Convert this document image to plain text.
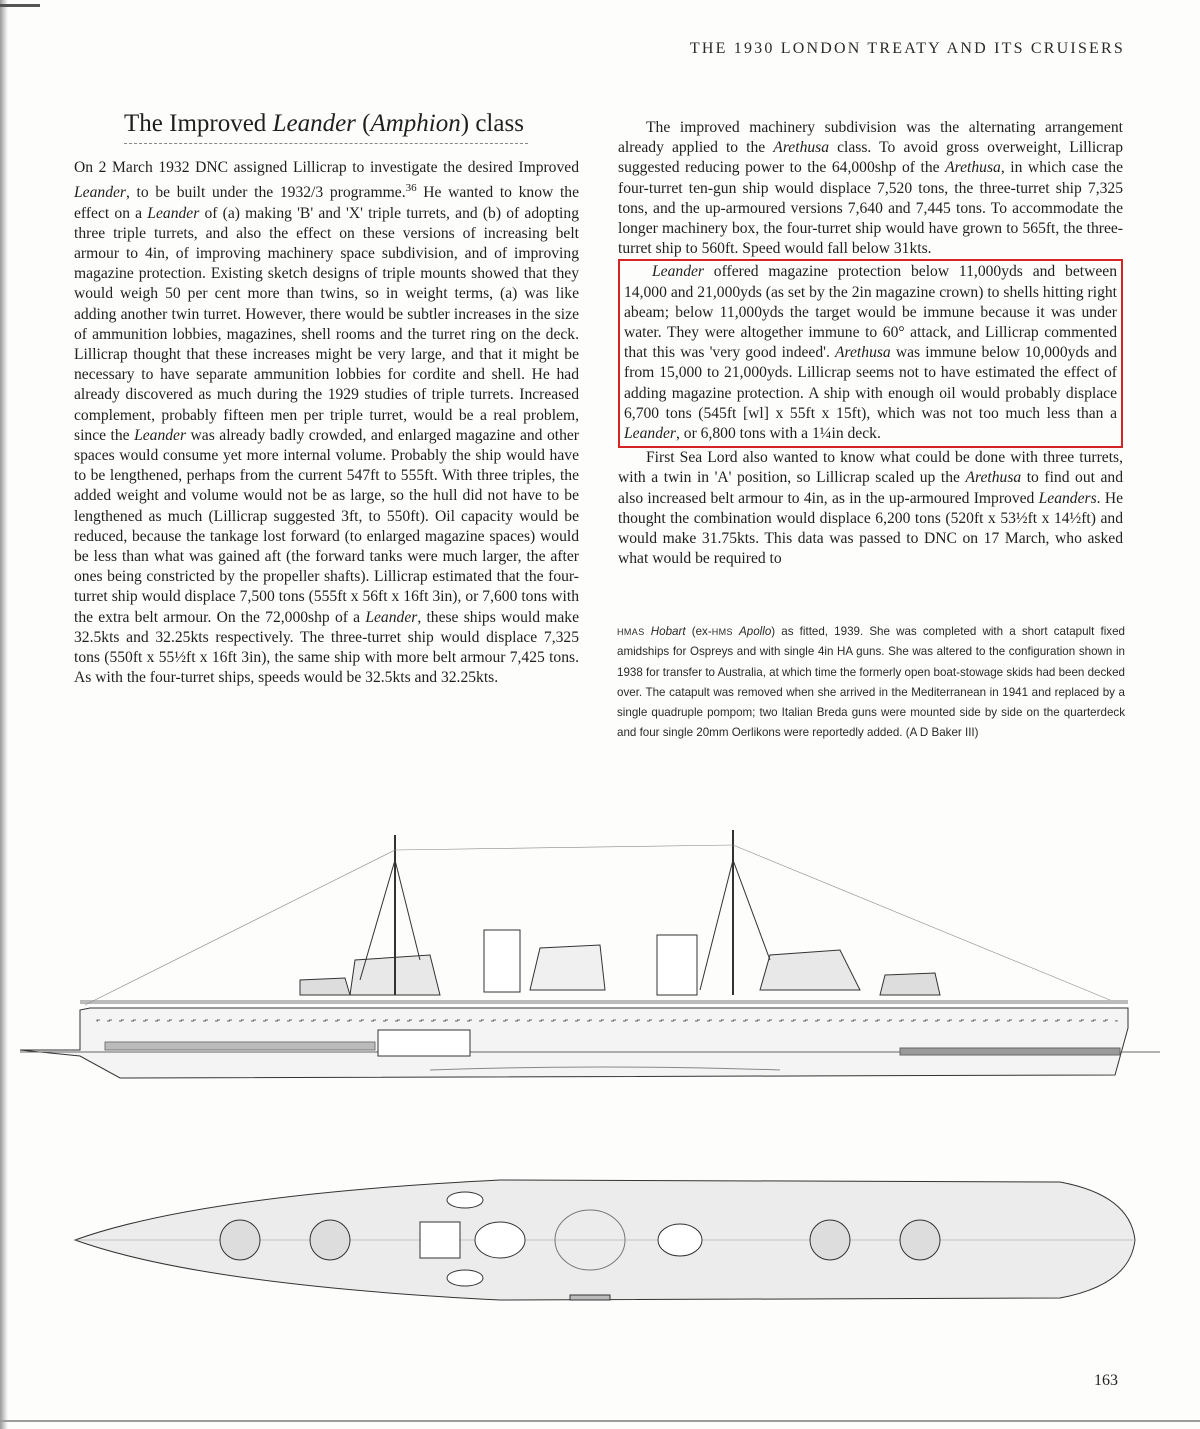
THE 1930 LONDON TREATY AND ITS CRUISERS
The Improved Leander (Amphion) class

On 2 March 1932 DNC assigned Lillicrap to investigate the desired Improved Leander, to be built under the 1932/3 programme.$^{36}$ He wanted to know the effect on a Leander of (a) making 'B' and 'X' triple turrets, and (b) of adopting three triple turrets, and also the effect on these versions of increasing belt armour to 4in, of improving machinery space subdivision, and of improving magazine protection. Existing sketch designs of triple mounts showed that they would weigh 50 per cent more than twins, so in weight terms, (a) was like adding another twin turret. However, there would be subtler increases in the size of ammunition lobbies, magazines, shell rooms and the turret ring on the deck. Lillicrap thought that these increases might be very large, and that it might be necessary to have separate ammunition lobbies for cordite and shell. He had already discovered as much during the 1929 studies of triple turrets. Increased complement, probably fifteen men per triple turret, would be a real problem, since the Leander was already badly crowded, and enlarged magazine and other spaces would consume yet more internal volume. Probably the ship would have to be lengthened, perhaps from the current 547ft to 555ft. With three triples, the added weight and volume would not be as large, so the hull did not have to be lengthened as much (Lillicrap suggested 3ft, to 550ft). Oil capacity would be reduced, because the tankage lost forward (to enlarged magazine spaces) would be less than what was gained aft (the forward tanks were much larger, the after ones being constricted by the propeller shafts). Lillicrap estimated that the four-turret ship would displace 7,500 tons (555ft x 56ft x 16ft 3in), or 7,600 tons with the extra belt armour. On the 72,000shp of a Leander, these ships would make 32.5kts and 32.25kts respectively. The three-turret ship would displace 7,325 tons (550ft x 55½ft x 16ft 3in), the same ship with more belt armour 7,425 tons. As with the four-turret ships, speeds would be 32.5kts and 32.25kts.

The improved machinery subdivision was the alternating arrangement already applied to the Arethusa class. To avoid gross overweight, Lillicrap suggested reducing power to the 64,000shp of the Arethusa, in which case the four-turret ten-gun ship would displace 7,520 tons, the three-turret ship 7,325 tons, and the up-armoured versions 7,640 and 7,445 tons. To accommodate the longer machinery box, the four-turret ship would have grown to 565ft, the three-turret ship to 560ft. Speed would fall below 31kts.

Leander offered magazine protection below 11,000yds and between 14,000 and 21,000yds (as set by the 2in magazine crown) to shells hitting right abeam; below 11,000yds the target would be immune because it was under water. They were altogether immune to 60° attack, and Lillicrap commented that this was 'very good indeed'. Arethusa was immune below 10,000yds and from 15,000 to 21,000yds. Lillicrap seems not to have estimated the effect of adding magazine protection. A ship with enough oil would probably displace 6,700 tons (545ft [wl] x 55ft x 15ft), which was not too much less than a Leander, or 6,800 tons with a 1¼in deck.

First Sea Lord also wanted to know what could be done with three turrets, with a twin in 'A' position, so Lillicrap scaled up the Arethusa to find out and also increased belt armour to 4in, as in the up-armoured Improved Leanders. He thought the combination would displace 6,200 tons (520ft x 53½ft x 14½ft) and would make 31.75kts. This data was passed to DNC on 17 March, who asked what would be required to

HMAS Hobart (ex-HMS Apollo) as fitted, 1939. She was completed with a short catapult fixed amidships for Ospreys and with single 4in HA guns. She was altered to the configuration shown in 1938 for transfer to Australia, at which time the formerly open boat-stowage skids had been decked over. The catapult was removed when she arrived in the Mediterranean in 1941 and replaced by a single quadruple pompom; two Italian Breda guns were mounted side by side on the quarterdeck and four single 20mm Oerlikons were reportedly added. (A D Baker III)

163
